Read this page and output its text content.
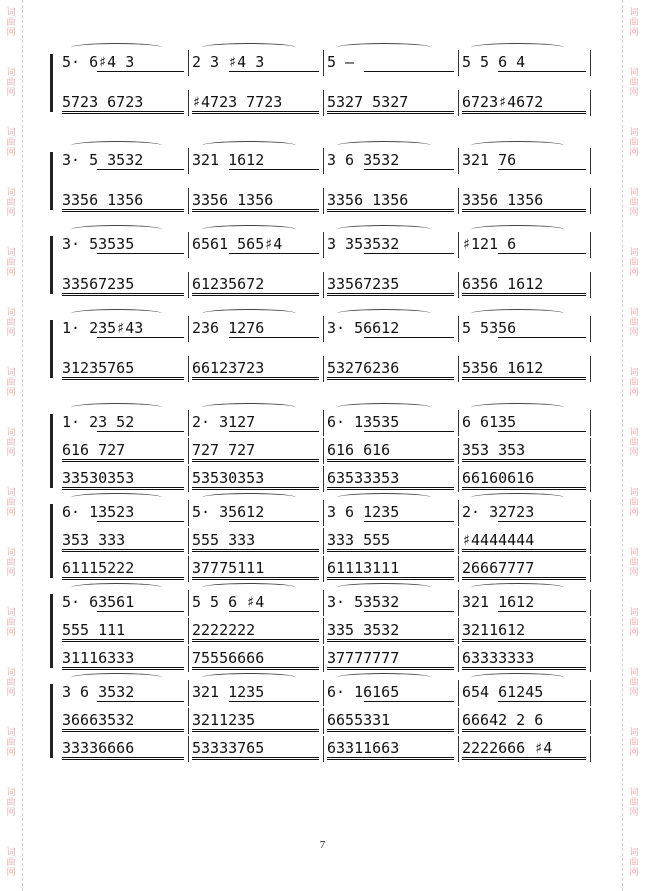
词
曲
网
词
曲
网
词
曲
网
词
曲
网
词
曲
网
词
曲
网
词
曲
网
词
曲
网
词
曲
网
词
曲
网
词
曲
网
词
曲
网
词
曲
网
词
曲
网
词
曲
网
词
曲
网
词
曲
网
词
曲
网
词
曲
网
词
曲
网
词
曲
网
词
曲
网
词
曲
网
词
曲
网
词
曲
网
词
曲
网
词
曲
网
词
曲
网
词
曲
网
词
曲
网
5· 6♯4 3	2 3 ♯4 3	5 —	5 5 6 4
5723 6723	♯4723 7723	5327 5327	6723♯4672
3· 5 3532	321 1612	3 6 3532	321 76
3356 1356	3356 1356	3356 1356	3356 1356
3· 53535	6561 565♯4	3 353532	♯121 6
33567235	61235672	33567235	6356 1612
1· 235♯43	236 1276	3· 56612	5 5356
31235765	66123723	53276236	5356 1612
1· 23 52	2· 3127	6· 13535	6 6135
616 727	727 727	616 616	353 353
33530353	53530353	63533353	66160616
6· 13523	5· 35612	3 6 1235	2· 32723
353 333	555 333	333 555	♯4444444
61115222	37775111	61113111	26667777
5· 63561	5 5 6 ♯4	3· 53532	321 1612
555 111	2222222	335 3532	3211612
31116333	75556666	37777777	63333333
3 6 3532	321 1235	6· 16165	654 61245
36663532	3211235	6655331	66642 2 6
33336666	53333765	63311663	2222666 ♯4
7
